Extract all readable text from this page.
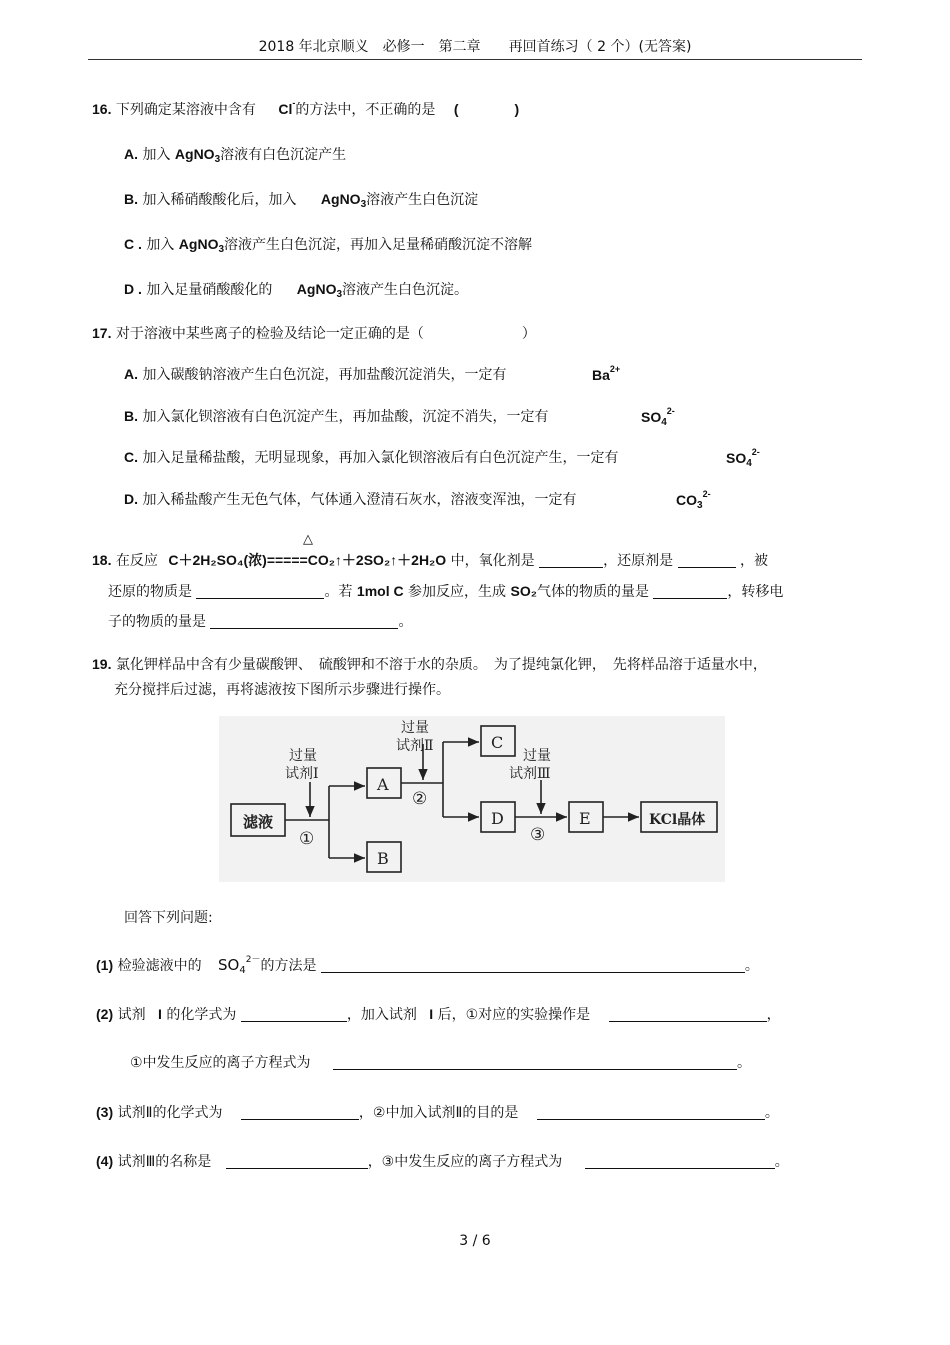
2018 年北京顺义　必修一　第二章　　再回首练习（ 2 个）(无答案)
16. 下列确定某溶液中含有 Cl-的方法中，不正确的是 (　　　　)
A. 加入 AgNO$_3$溶液有白色沉淀产生
B. 加入稀硝酸酸化后，加入 AgNO$_3$溶液产生白色沉淀
C . 加入 AgNO$_3$溶液产生白色沉淀，再加入足量稀硝酸沉淀不溶解
D . 加入足量硝酸酸化的 AgNO$_3$溶液产生白色沉淀。
17. 对于溶液中某些离子的检验及结论一定正确的是（　　　　　　　）
A. 加入碳酸钠溶液产生白色沉淀，再加盐酸沉淀消失，一定有	$Ba^{2+}$
B. 加入氯化钡溶液有白色沉淀产生，再加盐酸，沉淀不消失，一定有	$SO_4^{2-}$
C. 加入足量稀盐酸，无明显现象，再加入氯化钡溶液后有白色沉淀产生，一定有	$SO_4^{2-}$
D. 加入稀盐酸产生无色气体，气体通入澄清石灰水，溶液变浑浊，一定有	$CO_3^{2-}$
△
18. 在反应 C＋2H₂SO₄(浓)=====CO₂↑＋2SO₂↑＋2H₂O 中，氧化剂是	，还原剂是	，被
还原的物质是	。若 1mol C 参加反应，生成 SO₂气体的物质的量是	，转移电
子的物质的量是	。
19. 氯化钾样品中含有少量碳酸钾、　硫酸钾和不溶于水的杂质。　为了提纯氯化钾，　先将样品溶于适量水中，
充分搅拌后过滤，再将滤液按下图所示步骤进行操作。
滤液
A
B
C
D	E	KCl晶体
①
②
③
过量
试剂Ⅰ
过量
试剂Ⅱ
过量
试剂Ⅲ
回答下列问题:
(1) 检验滤液中的 $SO_4^{2-}$的方法是	。
(2) 试剂 I 的化学式为	，加入试剂 I 后，①对应的实验操作是	，
①中发生反应的离子方程式为	。
(3) 试剂Ⅱ的化学式为	，②中加入试剂Ⅱ的目的是	。
(4) 试剂Ⅲ的名称是	，③中发生反应的离子方程式为	。
3 / 6
